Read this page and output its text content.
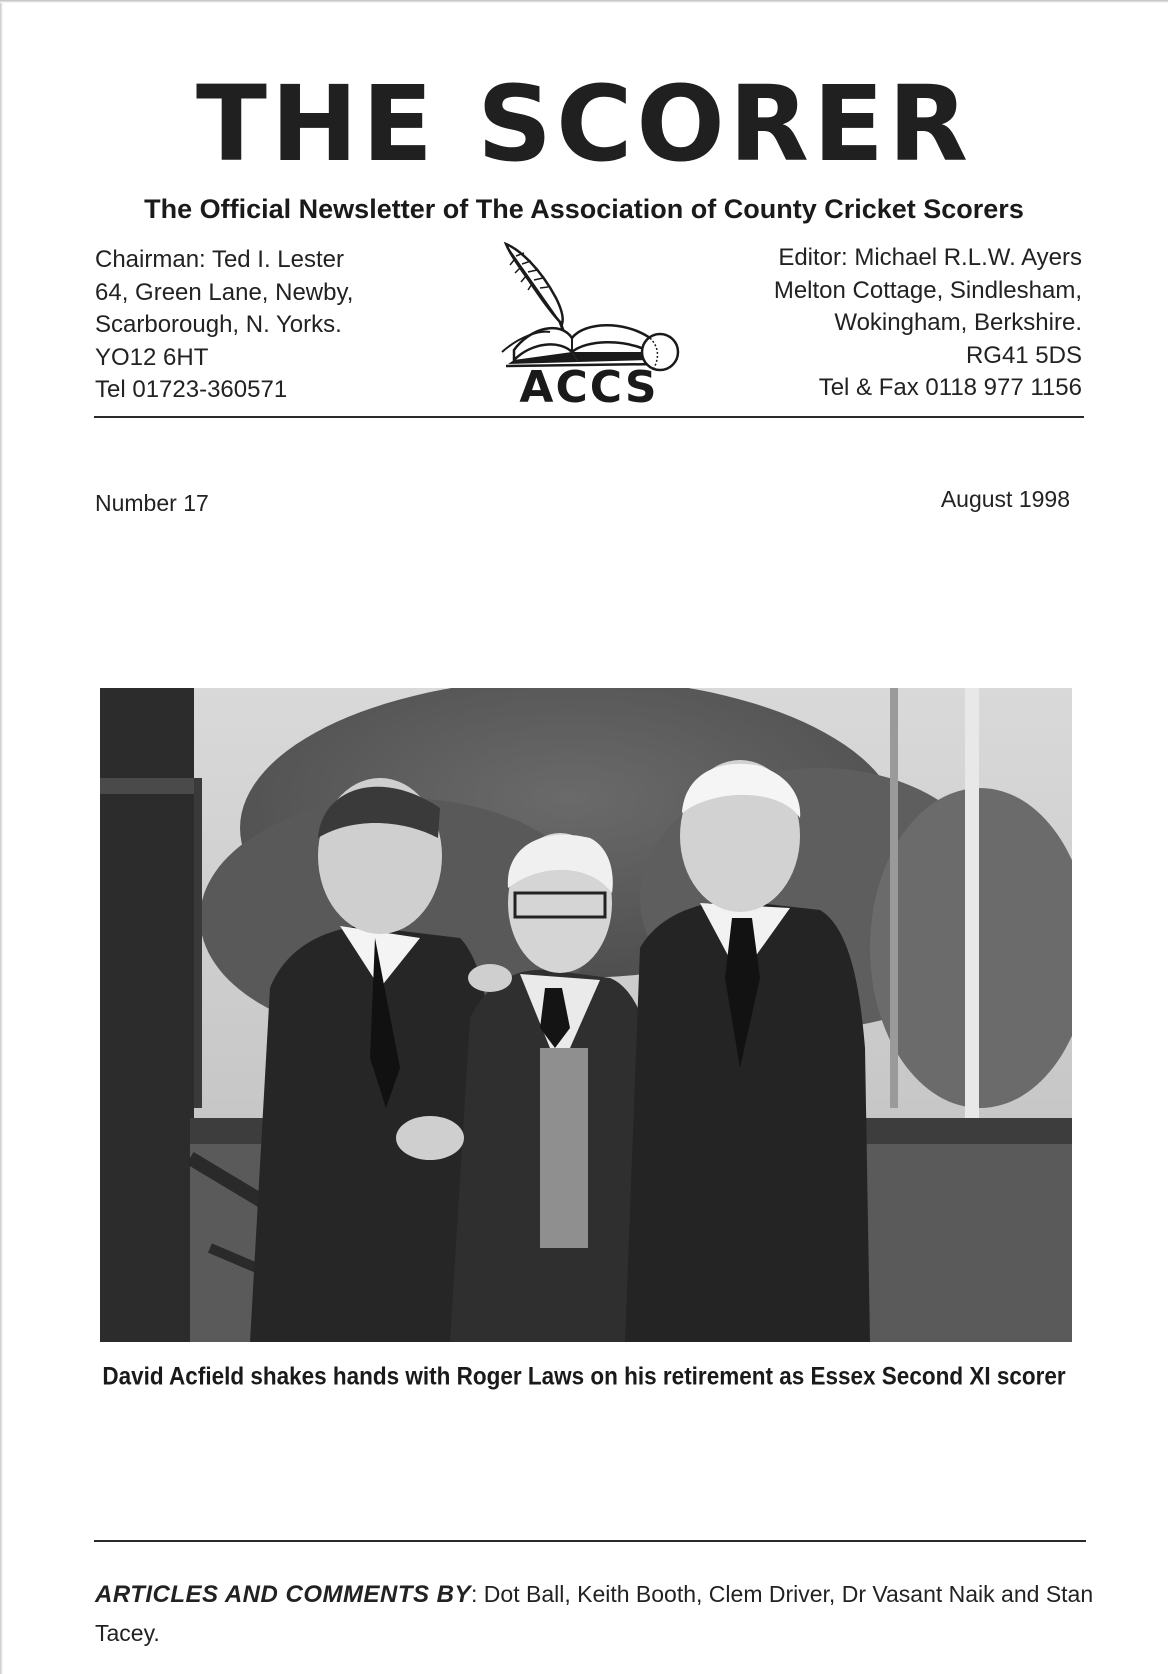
THE SCORER
The Official Newsletter of The Association of County Cricket Scorers
Chairman: Ted I. Lester
64, Green Lane, Newby,
Scarborough, N. Yorks.
YO12 6HT
Tel 01723-360571	ACCS
Editor: Michael R.L.W. Ayers
Melton Cottage, Sindlesham,
Wokingham, Berkshire.
RG41 5DS
Tel & Fax 0118 977 1156
Number 17	August 1998
David Acfield shakes hands with Roger Laws on his retirement as Essex Second XI scorer
ARTICLES AND COMMENTS BY: Dot Ball, Keith Booth, Clem Driver, Dr Vasant Naik and Stan Tacey.
